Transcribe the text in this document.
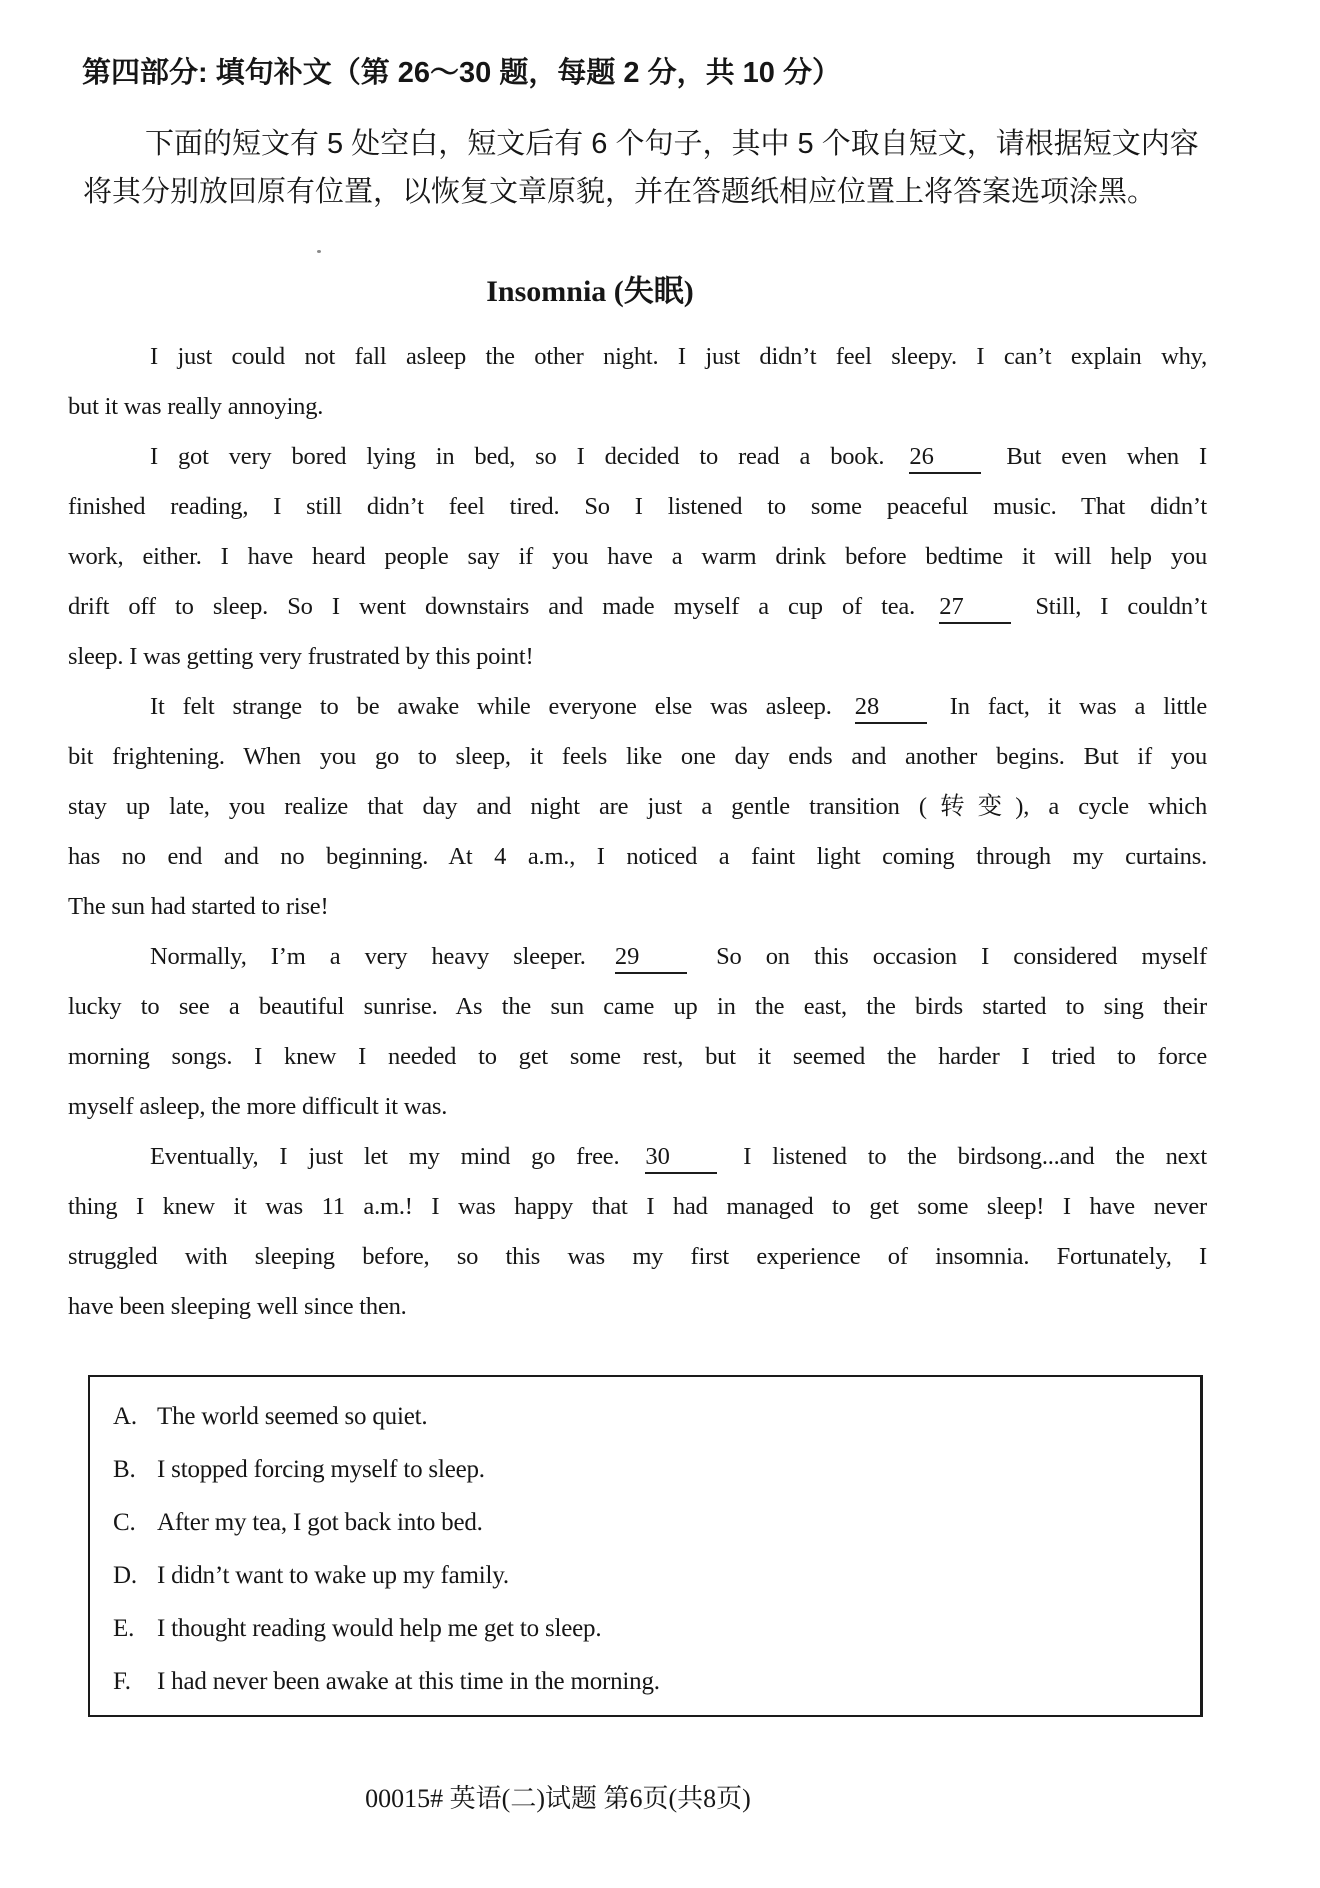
第四部分: 填句补文（第 26～30 题，每题 2 分，共 10 分）
下面的短文有 5 处空白，短文后有 6 个句子，其中 5 个取自短文，请根据短文内容
将其分别放回原有位置，以恢复文章原貌，并在答题纸相应位置上将答案选项涂黑。
Insomnia (失眠)
I just could not fall asleep the other night. I just didn’t feel sleepy. I can’t explain why,
but it was really annoying.
I got very bored lying in bed, so I decided to read a book. 26 But even when I
finished reading, I still didn’t feel tired. So I listened to some peaceful music. That didn’t
work, either. I have heard people say if you have a warm drink before bedtime it will help you
drift off to sleep. So I went downstairs and made myself a cup of tea. 27 Still, I couldn’t
sleep. I was getting very frustrated by this point!
It felt strange to be awake while everyone else was asleep. 28 In fact, it was a little
bit frightening. When you go to sleep, it feels like one day ends and another begins. But if you
stay up late, you realize that day and night are just a gentle transition (转变), a cycle which
has no end and no beginning. At 4 a.m., I noticed a faint light coming through my curtains.
The sun had started to rise!
Normally, I’m a very heavy sleeper. 29 So on this occasion I considered myself
lucky to see a beautiful sunrise. As the sun came up in the east, the birds started to sing their
morning songs. I knew I needed to get some rest, but it seemed the harder I tried to force
myself asleep, the more difficult it was.
Eventually, I just let my mind go free. 30 I listened to the birdsong...and the next
thing I knew it was 11 a.m.! I was happy that I had managed to get some sleep! I have never
struggled with sleeping before, so this was my first experience of insomnia. Fortunately, I
have been sleeping well since then.
A. The world seemed so quiet.
B. I stopped forcing myself to sleep.
C. After my tea, I got back into bed.
D. I didn’t want to wake up my family.
E. I thought reading would help me get to sleep.
F.	I had never been awake at this time in the morning.
00015# 英语(二)试题 第6页(共8页)
